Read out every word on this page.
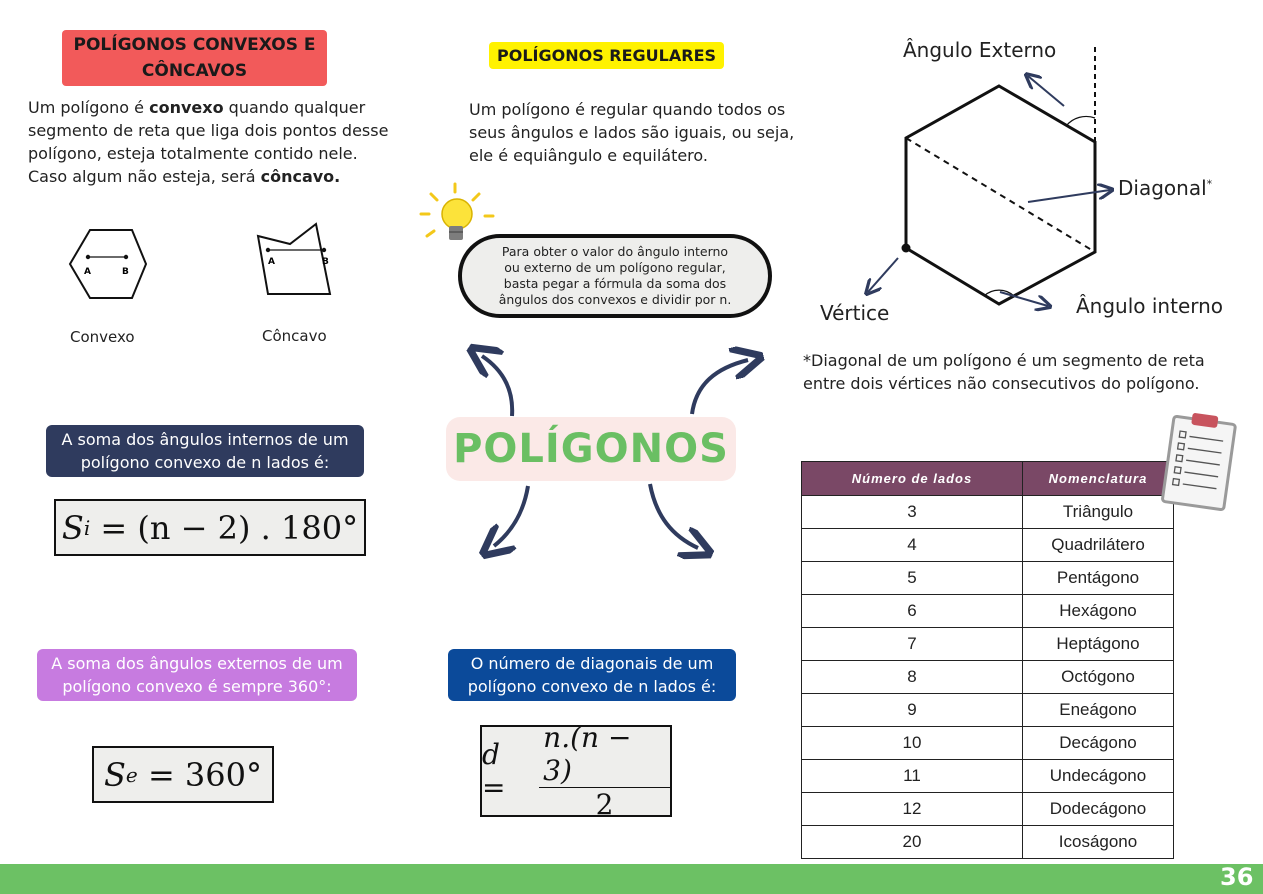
POLÍGONOS CONVEXOS E CÔNCAVOS
Um polígono é convexo quando qualquer segmento de reta que liga dois pontos desse polígono, esteja totalmente contido nele. Caso algum não esteja, será côncavo.
A	B
A	B
Convexo	Côncavo
A soma dos ângulos internos de um polígono convexo de n lados é:
S i
= (n − 2) . 180°
A soma dos ângulos externos de um polígono convexo é sempre 360°:
S e
= 360°
POLÍGONOS REGULARES
Um polígono é regular quando todos os seus ângulos e lados são iguais, ou seja, ele é equiângulo e equilátero.
Para obter o valor do ângulo interno ou externo de um polígono regular, basta pegar a fórmula da soma dos ângulos dos convexos e dividir por n.
POLÍGONOS
O número de diagonais de um polígono convexo de n lados é:
d =	$\frac{n.(n - 3)}{2}$
Ângulo Externo
Diagonal*
Vértice	Ângulo interno
*Diagonal de um polígono é um segmento de reta entre dois vértices não consecutivos do polígono.
Número de lados	Nomenclatura
3	Triângulo
4	Quadrilátero
5	Pentágono
6	Hexágono
7	Heptágono
8	Octógono
9	Eneágono
10	Decágono
11	Undecágono
12	Dodecágono
20	Icoságono
36
